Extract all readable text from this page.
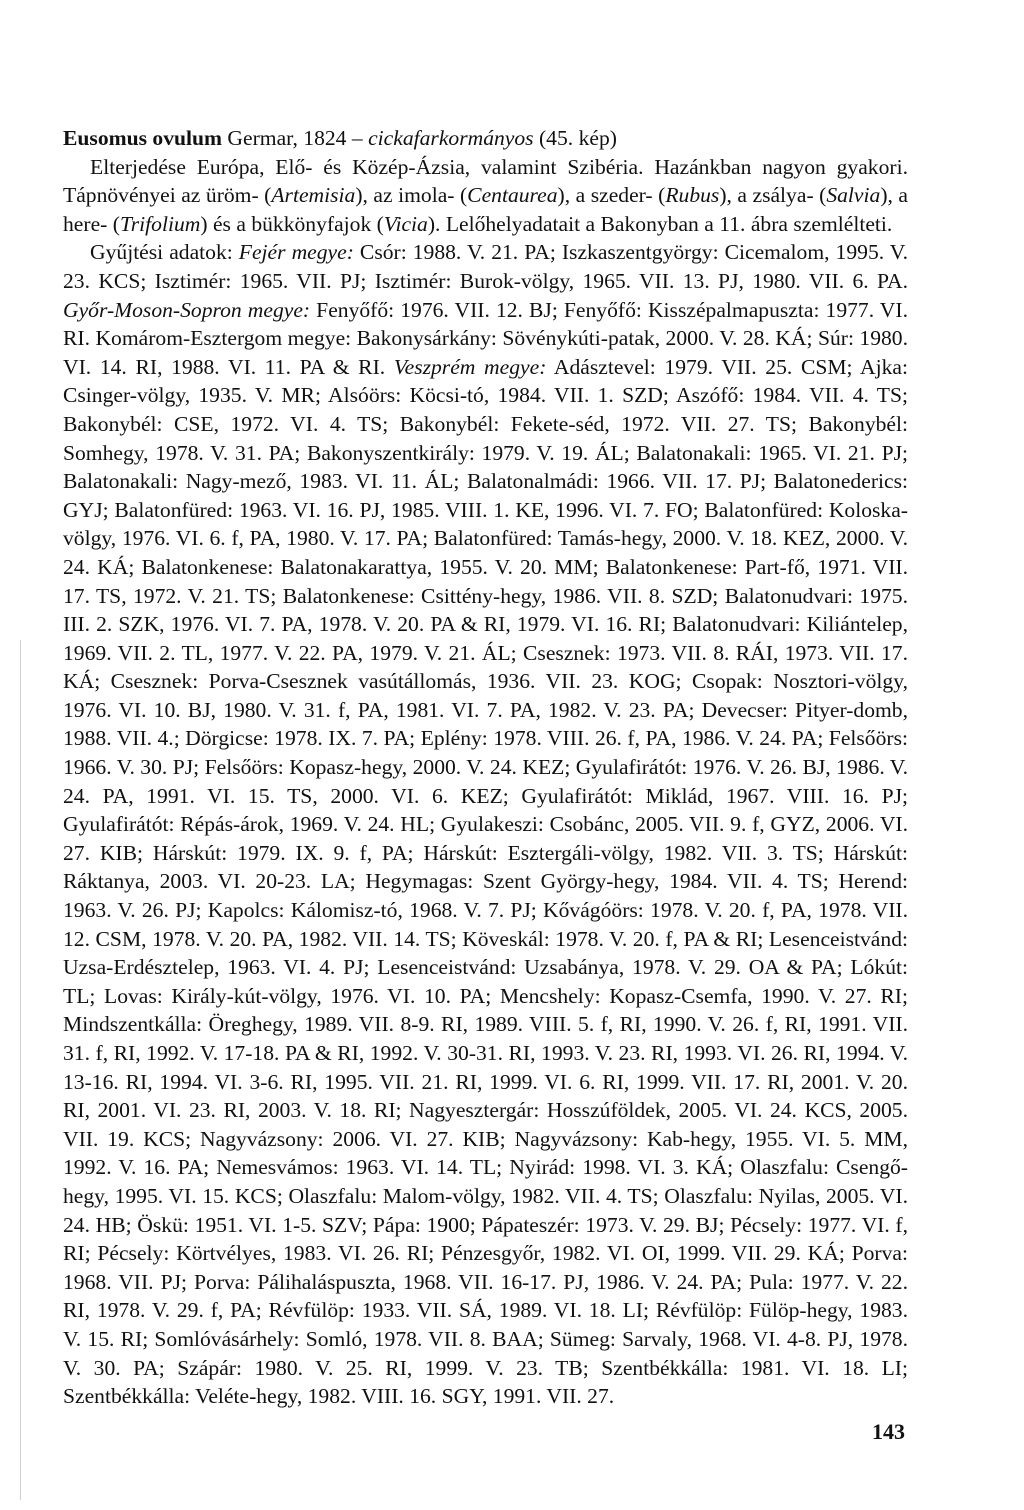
Eusomus ovulum Germar, 1824 – cickafarkormányos (45. kép)

Elterjedése Európa, Elő- és Közép-Ázsia, valamint Szibéria. Hazánkban nagyon gyakori. Tápnövényei az üröm- (Artemisia), az imola- (Centaurea), a szeder- (Rubus), a zsálya- (Salvia), a here- (Trifolium) és a bükkönyfajok (Vicia). Lelőhelyadatait a Bakonyban a 11. ábra szemlélteti.

Gyűjtési adatok: Fejér megye: Csór: 1988. V. 21. PA; Iszkaszentgyörgy: Cicemalom, 1995. V. 23. KCS; Isztimér: 1965. VII. PJ; Isztimér: Burok-völgy, 1965. VII. 13. PJ, 1980. VII. 6. PA. Győr-Moson-Sopron megye: Fenyőfő: 1976. VII. 12. BJ; Fenyőfő: Kisszépalmapuszta: 1977. VI. RI. Komárom-Esztergom megye: Bakonysárkány: Sövénykúti-patak, 2000. V. 28. KÁ; Súr: 1980. VI. 14. RI, 1988. VI. 11. PA & RI. Veszprém megye: Adásztevel: 1979. VII. 25. CSM; Ajka: Csinger-völgy, 1935. V. MR; Alsóörs: Köcsi-tó, 1984. VII. 1. SZD; Aszófő: 1984. VII. 4. TS; Bakonybél: CSE, 1972. VI. 4. TS; Bakonybél: Fekete-séd, 1972. VII. 27. TS; Bakonybél: Somhegy, 1978. V. 31. PA; Bakonyszentkirály: 1979. V. 19. ÁL; Balatonakali: 1965. VI. 21. PJ; Balatonakali: Nagy-mező, 1983. VI. 11. ÁL; Balatonalmádi: 1966. VII. 17. PJ; Balatonederics: GYJ; Balatonfüred: 1963. VI. 16. PJ, 1985. VIII. 1. KE, 1996. VI. 7. FO; Balatonfüred: Koloska-völgy, 1976. VI. 6. f, PA, 1980. V. 17. PA; Balatonfüred: Tamás-hegy, 2000. V. 18. KEZ, 2000. V. 24. KÁ; Balatonkenese: Balatonakarattya, 1955. V. 20. MM; Balatonkenese: Part-fő, 1971. VII. 17. TS, 1972. V. 21. TS; Balatonkenese: Csittény-hegy, 1986. VII. 8. SZD; Balatonudvari: 1975. III. 2. SZK, 1976. VI. 7. PA, 1978. V. 20. PA & RI, 1979. VI. 16. RI; Balatonudvari: Kiliántelep, 1969. VII. 2. TL, 1977. V. 22. PA, 1979. V. 21. ÁL; Csesznek: 1973. VII. 8. RÁI, 1973. VII. 17. KÁ; Csesznek: Porva-Csesznek vasútállomás, 1936. VII. 23. KOG; Csopak: Nosztori-völgy, 1976. VI. 10. BJ, 1980. V. 31. f, PA, 1981. VI. 7. PA, 1982. V. 23. PA; Devecser: Pityer-domb, 1988. VII. 4.; Dörgicse: 1978. IX. 7. PA; Eplény: 1978. VIII. 26. f, PA, 1986. V. 24. PA; Felsőörs: 1966. V. 30. PJ; Felsőörs: Kopasz-hegy, 2000. V. 24. KEZ; Gyulafirátót: 1976. V. 26. BJ, 1986. V. 24. PA, 1991. VI. 15. TS, 2000. VI. 6. KEZ; Gyulafirátót: Miklád, 1967. VIII. 16. PJ; Gyulafirátót: Répás-árok, 1969. V. 24. HL; Gyulakeszi: Csobánc, 2005. VII. 9. f, GYZ, 2006. VI. 27. KIB; Hárskút: 1979. IX. 9. f, PA; Hárskút: Esztergáli-völgy, 1982. VII. 3. TS; Hárskút: Ráktanya, 2003. VI. 20-23. LA; Hegymagas: Szent György-hegy, 1984. VII. 4. TS; Herend: 1963. V. 26. PJ; Kapolcs: Kálomisz-tó, 1968. V. 7. PJ; Kővágóörs: 1978. V. 20. f, PA, 1978. VII. 12. CSM, 1978. V. 20. PA, 1982. VII. 14. TS; Köveskál: 1978. V. 20. f, PA & RI; Lesenceistvánd: Uzsa-Erdésztelep, 1963. VI. 4. PJ; Lesenceistvánd: Uzsabánya, 1978. V. 29. OA & PA; Lókút: TL; Lovas: Király-kút-völgy, 1976. VI. 10. PA; Mencshely: Kopasz-Csemfa, 1990. V. 27. RI; Mindszentkálla: Öreghegy, 1989. VII. 8-9. RI, 1989. VIII. 5. f, RI, 1990. V. 26. f, RI, 1991. VII. 31. f, RI, 1992. V. 17-18. PA & RI, 1992. V. 30-31. RI, 1993. V. 23. RI, 1993. VI. 26. RI, 1994. V. 13-16. RI, 1994. VI. 3-6. RI, 1995. VII. 21. RI, 1999. VI. 6. RI, 1999. VII. 17. RI, 2001. V. 20. RI, 2001. VI. 23. RI, 2003. V. 18. RI; Nagyesztergár: Hosszúföldek, 2005. VI. 24. KCS, 2005. VII. 19. KCS; Nagyvázsony: 2006. VI. 27. KIB; Nagyvázsony: Kab-hegy, 1955. VI. 5. MM, 1992. V. 16. PA; Nemesvámos: 1963. VI. 14. TL; Nyirád: 1998. VI. 3. KÁ; Olaszfalu: Csengő-hegy, 1995. VI. 15. KCS; Olaszfalu: Malom-völgy, 1982. VII. 4. TS; Olaszfalu: Nyilas, 2005. VI. 24. HB; Öskü: 1951. VI. 1-5. SZV; Pápa: 1900; Pápateszér: 1973. V. 29. BJ; Pécsely: 1977. VI. f, RI; Pécsely: Körtvélyes, 1983. VI. 26. RI; Pénzesgyőr, 1982. VI. OI, 1999. VII. 29. KÁ; Porva: 1968. VII. PJ; Porva: Pálihaláspuszta, 1968. VII. 16-17. PJ, 1986. V. 24. PA; Pula: 1977. V. 22. RI, 1978. V. 29. f, PA; Révfülöp: 1933. VII. SÁ, 1989. VI. 18. LI; Révfülöp: Fülöp-hegy, 1983. V. 15. RI; Somlóvásárhely: Somló, 1978. VII. 8. BAA; Sümeg: Sarvaly, 1968. VI. 4-8. PJ, 1978. V. 30. PA; Szápár: 1980. V. 25. RI, 1999. V. 23. TB; Szentbékkálla: 1981. VI. 18. LI; Szentbékkálla: Veléte-hegy, 1982. VIII. 16. SGY, 1991. VII. 27.

143
